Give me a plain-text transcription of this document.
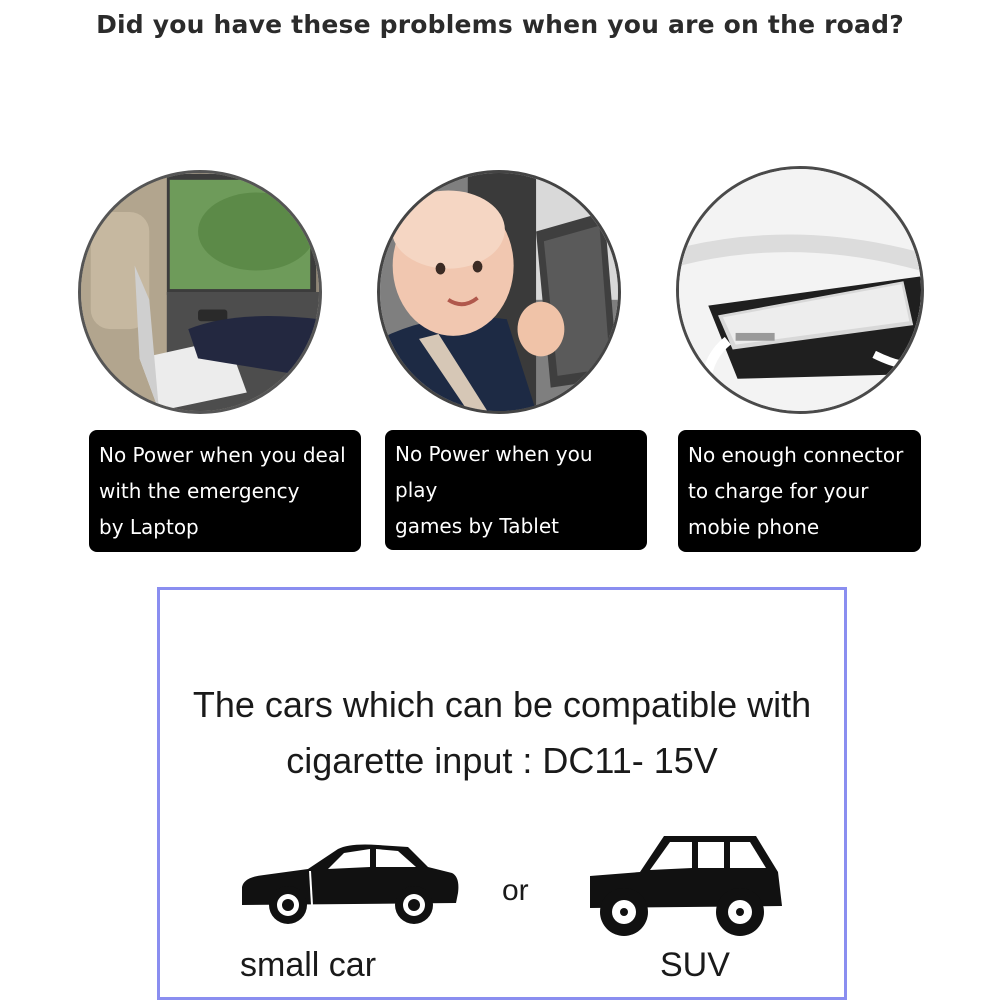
Did you have these problems when you are on the road?
No Power when you deal
with the emergency
by Laptop
No Power when you play
games by Tablet
No enough connector
to charge for your
mobie phone
The cars which can be compatible with
cigarette input : DC11- 15V
or
small car	SUV
